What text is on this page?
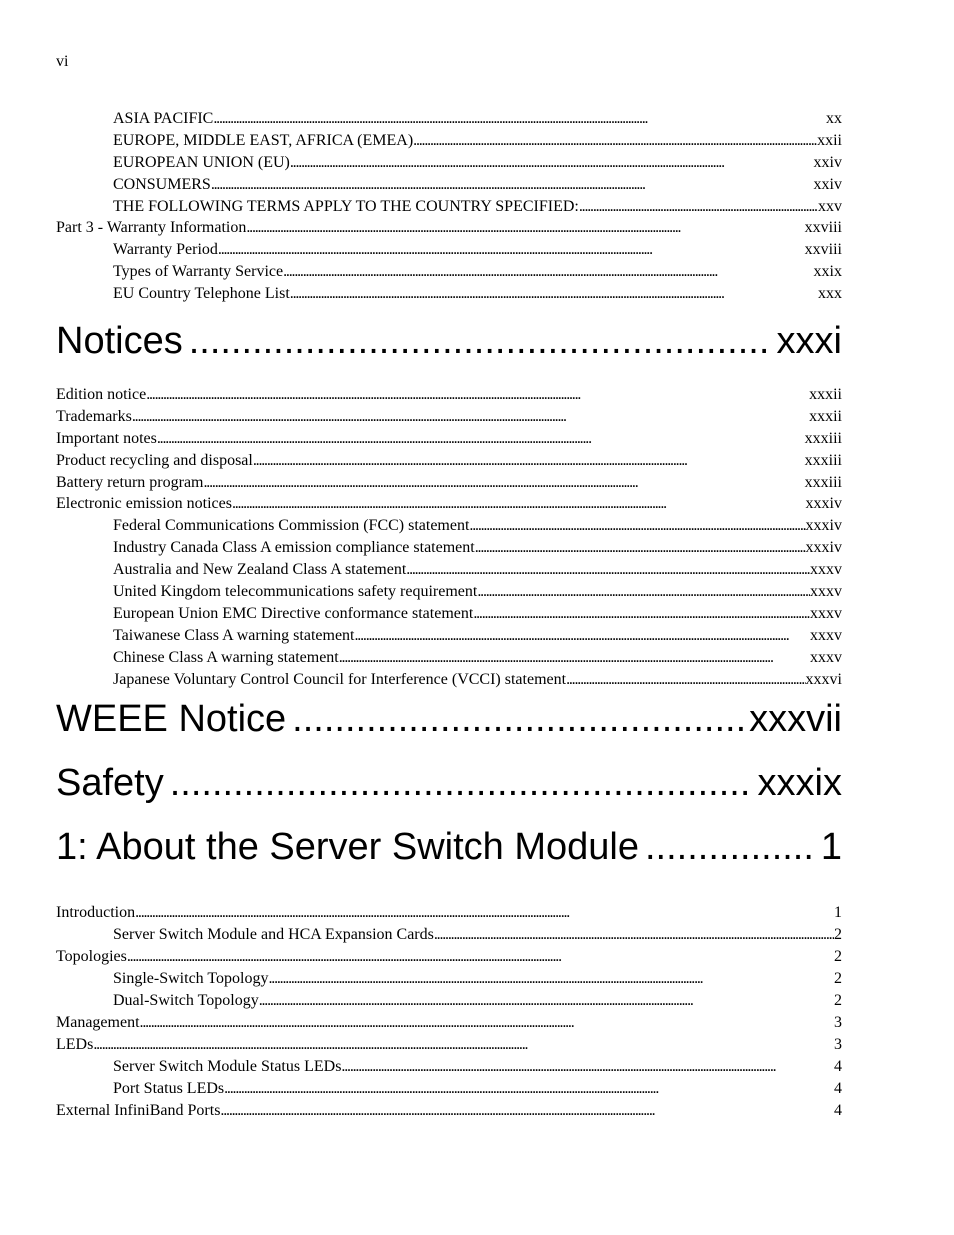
vi
ASIA PACIFIC . . .	xx
EUROPE, MIDDLE EAST, AFRICA (EMEA) . . .	xxii
EUROPEAN UNION (EU) . . .	xxiv
CONSUMERS . . .	xxiv
THE FOLLOWING TERMS APPLY TO THE COUNTRY SPECIFIED: . . .	xxv
Part 3 - Warranty Information . . .	xxviii
Warranty Period . . .	xxviii
Types of Warranty Service . . .	xxix
EU Country Telephone List . . .	xxx
Notices .....	xxxi
Edition notice . . .	xxxii
Trademarks . . .	xxxii
Important notes . . .	xxxiii
Product recycling and disposal . . .	xxxiii
Battery return program . . .	xxxiii
Electronic emission notices . . .	xxxiv
Federal Communications Commission (FCC) statement . . .	xxxiv
Industry Canada Class A emission compliance statement . . .	xxxiv
Australia and New Zealand Class A statement . . .	xxxv
United Kingdom telecommunications safety requirement . . .	xxxv
European Union EMC Directive conformance statement . . .	xxxv
Taiwanese Class A warning statement . . .	xxxv
Chinese Class A warning statement . . .	xxxv
Japanese Voluntary Control Council for Interference (VCCI) statement . . .	xxxvi
WEEE Notice .....	xxxvii
Safety .....	xxxix
1: About the Server Switch Module .....	1
Introduction . . .	1
Server Switch Module and HCA Expansion Cards . . .	2
Topologies . . .	2
Single-Switch Topology . . .	2
Dual-Switch Topology . . .	2
Management . . .	3
LEDs . . .	3
Server Switch Module Status LEDs . . .	4
Port Status LEDs . . .	4
External InfiniBand Ports . . .	4
